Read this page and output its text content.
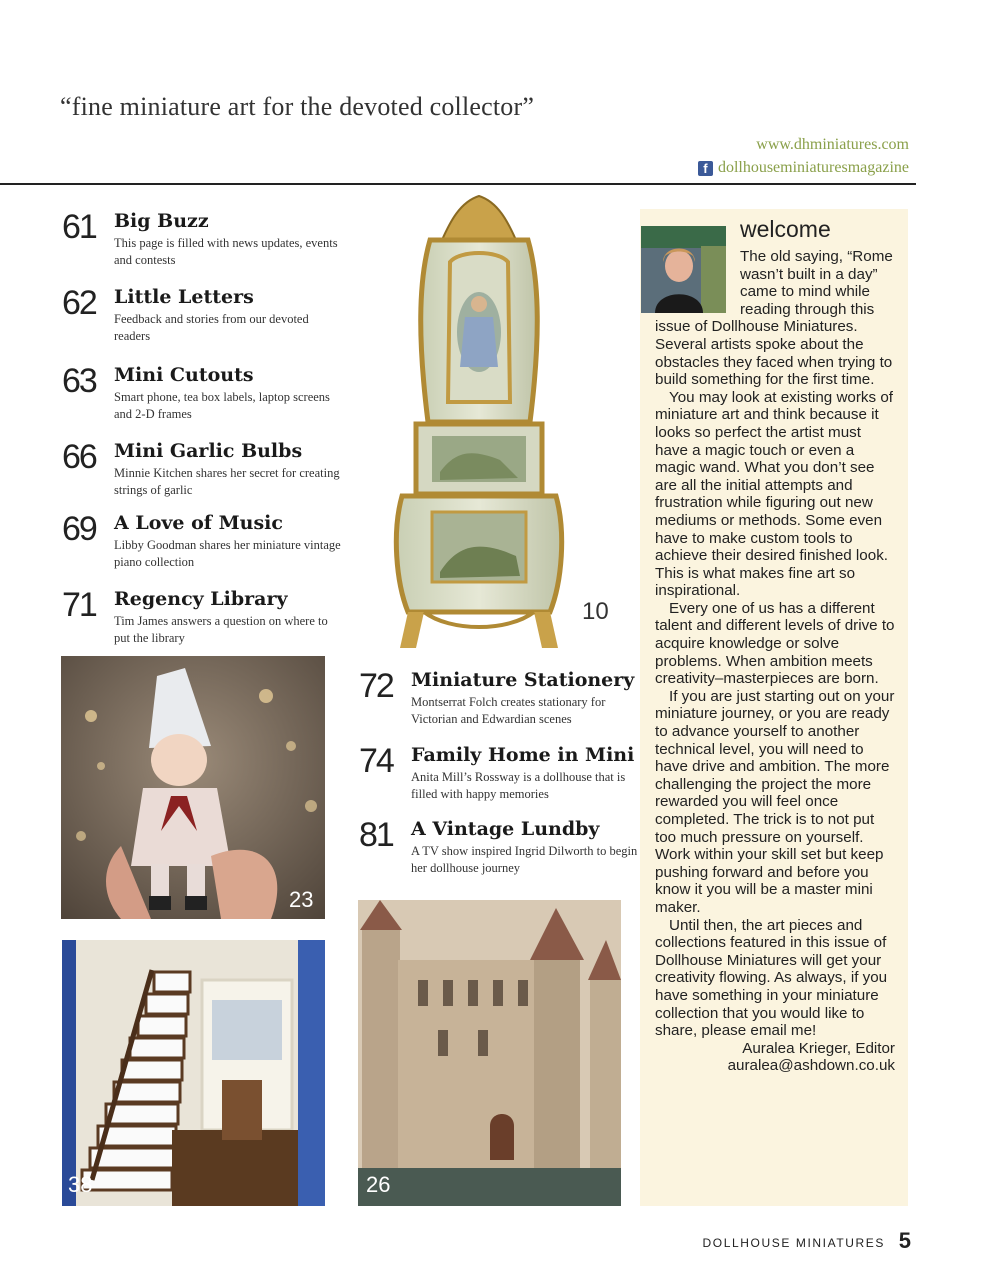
“fine miniature art for the devoted collector”
www.dhminiatures.com
f dollhouseminiaturesmagazine
61 Big Buzz
This page is filled with news updates, events and contests
62 Little Letters
Feedback and stories from our devoted readers
63 Mini Cutouts
Smart phone, tea box labels, laptop screens and 2-D frames
66 Mini Garlic Bulbs
Minnie Kitchen shares her secret for creating strings of garlic
69 A Love of Music
Libby Goodman shares her miniature vintage piano collection
71 Regency Library
Tim James answers a question on where to put the library
72 Miniature Stationery
Montserrat Folch creates stationary for Victorian and Edwardian scenes
74 Family Home in Mini
Anita Mill’s Rossway is a dollhouse that is filled with happy memories
81 A Vintage Lundby
A TV show inspired Ingrid Dilworth to begin her dollhouse journey
10
23
38	26
welcome

The old saying, “Rome wasn’t built in a day” came to mind while reading through this issue of Dollhouse Miniatures. Several artists spoke about the obstacles they faced when trying to build something for the first time.

You may look at existing works of miniature art and think because it looks so perfect the artist must have a magic touch or even a magic wand. What you don’t see are all the initial attempts and frustration while figuring out new mediums or methods. Some even have to make custom tools to achieve their desired finished look. This is what makes fine art so inspirational.

Every one of us has a different talent and different levels of drive to acquire knowledge or solve problems. When ambition meets creativity–masterpieces are born.

If you are just starting out on your miniature journey, or you are ready to advance yourself to another technical level, you will need to have drive and ambition. The more challenging the project the more rewarded you will feel once completed. The trick is to not put too much pressure on yourself. Work within your skill set but keep pushing forward and before you know it you will be a master mini maker.

Until then, the art pieces and collections featured in this issue of Dollhouse Miniatures will get your creativity flowing. As always, if you have something in your miniature collection that you would like to share, please email me!

Auralea Krieger, Editor
auralea@ashdown.co.uk
DOLLHOUSE MINIATURES 5
